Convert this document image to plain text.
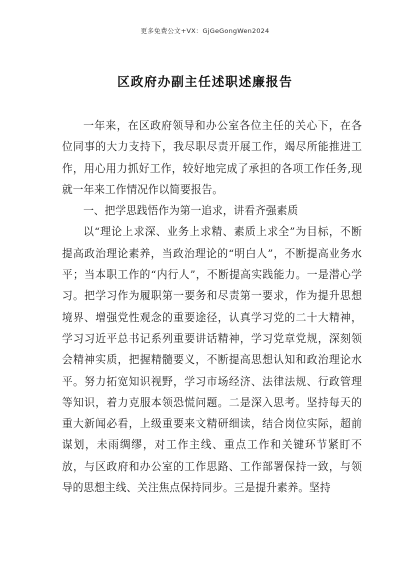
更多免费公文+VX：GjGeGongWen2024
区政府办副主任述职述廉报告

一年来，在区政府领导和办公室各位主任的关心下，在各位同事的大力支持下，我尽职尽责开展工作，竭尽所能推进工作，用心用力抓好工作，较好地完成了承担的各项工作任务,现就一年来工作情况作以简要报告。

一、把学思践悟作为第一追求，讲看齐强素质

以“理论上求深、业务上求精、素质上求全”为目标，不断提高政治理论素养，当政治理论的“明白人”，不断提高业务水平；当本职工作的“内行人”，不断提高实践能力。一是潜心学习。把学习作为履职第一要务和尽责第一要求，作为提升思想境界、增强党性观念的重要途径，认真学习党的二十大精神，学习习近平总书记系列重要讲话精神，学习党章党规，深刻领会精神实质，把握精髓要义，不断提高思想认知和政治理论水平。努力拓宽知识视野，学习市场经济、法律法规、行政管理等知识，着力克服本领恐慌问题。二是深入思考。坚持每天的重大新闻必看，上级重要来文精研细读，结合岗位实际，超前谋划，未雨绸缪，对工作主线、重点工作和关键环节紧盯不放，与区政府和办公室的工作思路、工作部署保持一致，与领导的思想主线、关注焦点保持同步。三是提升素养。坚持
